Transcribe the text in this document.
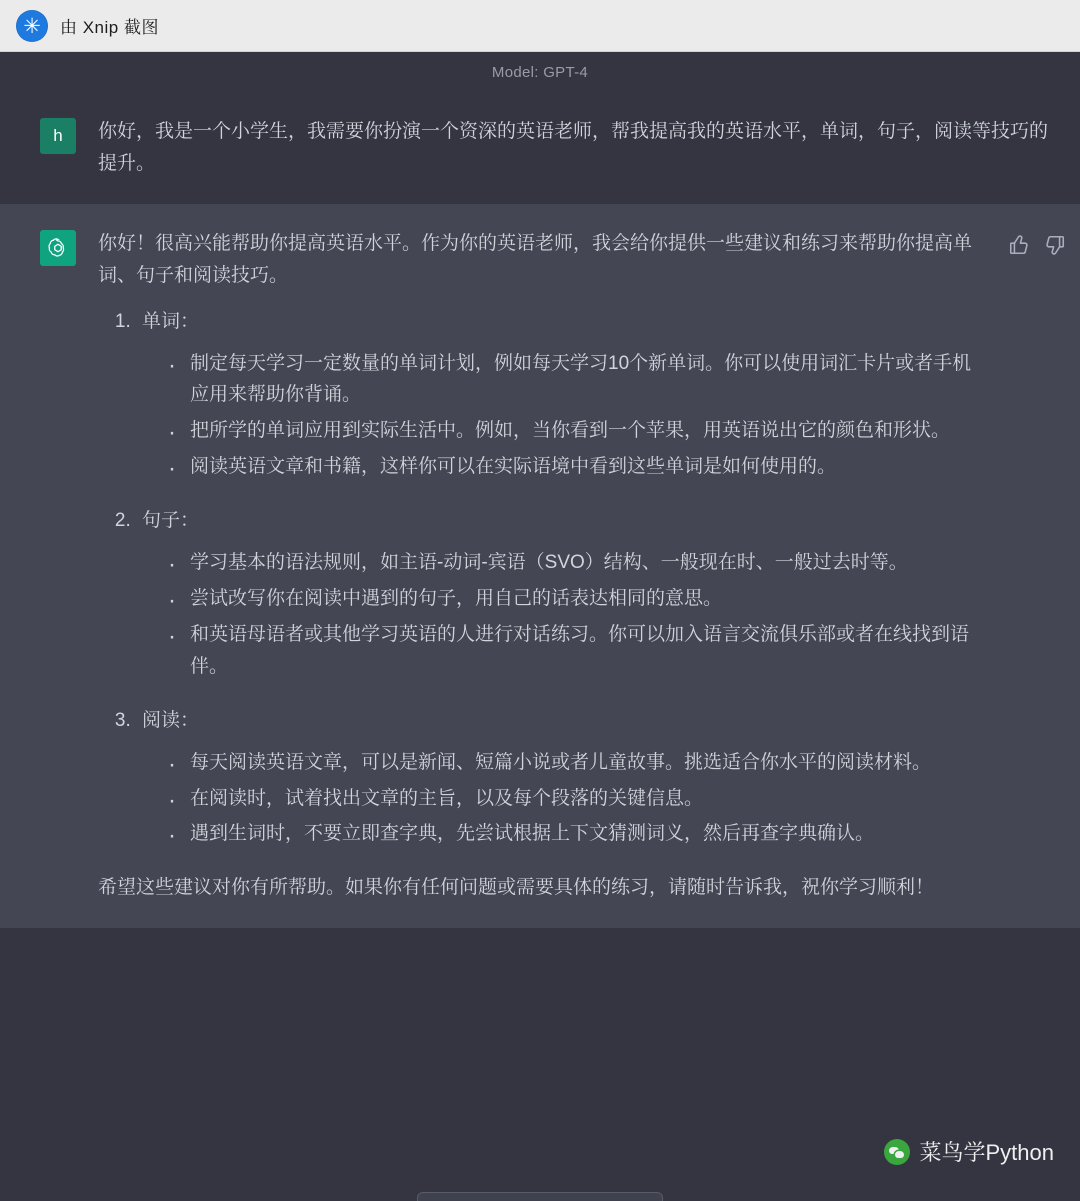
✳	由 Xnip 截图
Model: GPT-4
h 你好，我是一个小学生，我需要你扮演一个资深的英语老师，帮我提高我的英语水平，单词，句子，阅读等技巧的提升。

你好！很高兴能帮助你提高英语水平。作为你的英语老师，我会给你提供一些建议和练习来帮助你提高单词、句子和阅读技巧。

1. 单词：
· 制定每天学习一定数量的单词计划，例如每天学习10个新单词。你可以使用词汇卡片或者手机应用来帮助你背诵。
· 把所学的单词应用到实际生活中。例如，当你看到一个苹果，用英语说出它的颜色和形状。
· 阅读英语文章和书籍，这样你可以在实际语境中看到这些单词是如何使用的。
2. 句子：
· 学习基本的语法规则，如主语-动词-宾语（SVO）结构、一般现在时、一般过去时等。
· 尝试改写你在阅读中遇到的句子，用自己的话表达相同的意思。
· 和英语母语者或其他学习英语的人进行对话练习。你可以加入语言交流俱乐部或者在线找到语伴。
3. 阅读：
· 每天阅读英语文章，可以是新闻、短篇小说或者儿童故事。挑选适合你水平的阅读材料。
· 在阅读时，试着找出文章的主旨，以及每个段落的关键信息。
· 遇到生词时，不要立即查字典，先尝试根据上下文猜测词义，然后再查字典确认。

希望这些建议对你有所帮助。如果你有任何问题或需要具体的练习，请随时告诉我，祝你学习顺利！

菜鸟学Python
